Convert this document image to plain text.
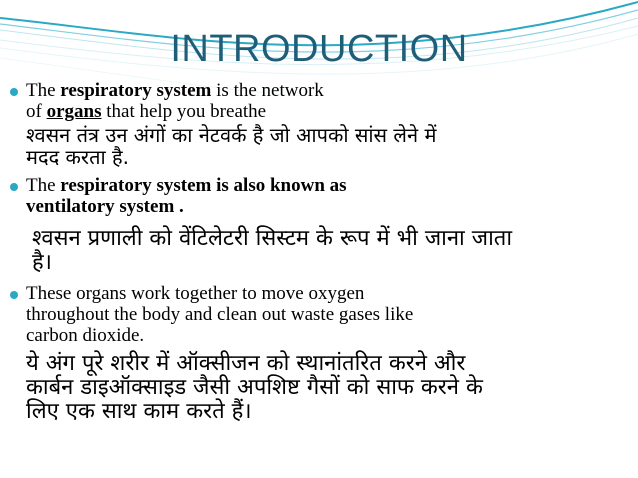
INTRODUCTION
The respiratory system is the network
of organs that help you breathe
श्वसन तंत्र उन अंगों का नेटवर्क है जो आपको सांस लेने में
मदद करता है.
The respiratory system is also known as
ventilatory system .
श्वसन प्रणाली को वेंटिलेटरी सिस्टम के रूप में भी जाना जाता
है।
These organs work together to move oxygen
throughout the body and clean out waste gases like
carbon dioxide.
ये अंग पूरे शरीर में ऑक्सीजन को स्थानांतरित करने और
कार्बन डाइऑक्साइड जैसी अपशिष्ट गैसों को साफ करने के
लिए एक साथ काम करते हैं।
